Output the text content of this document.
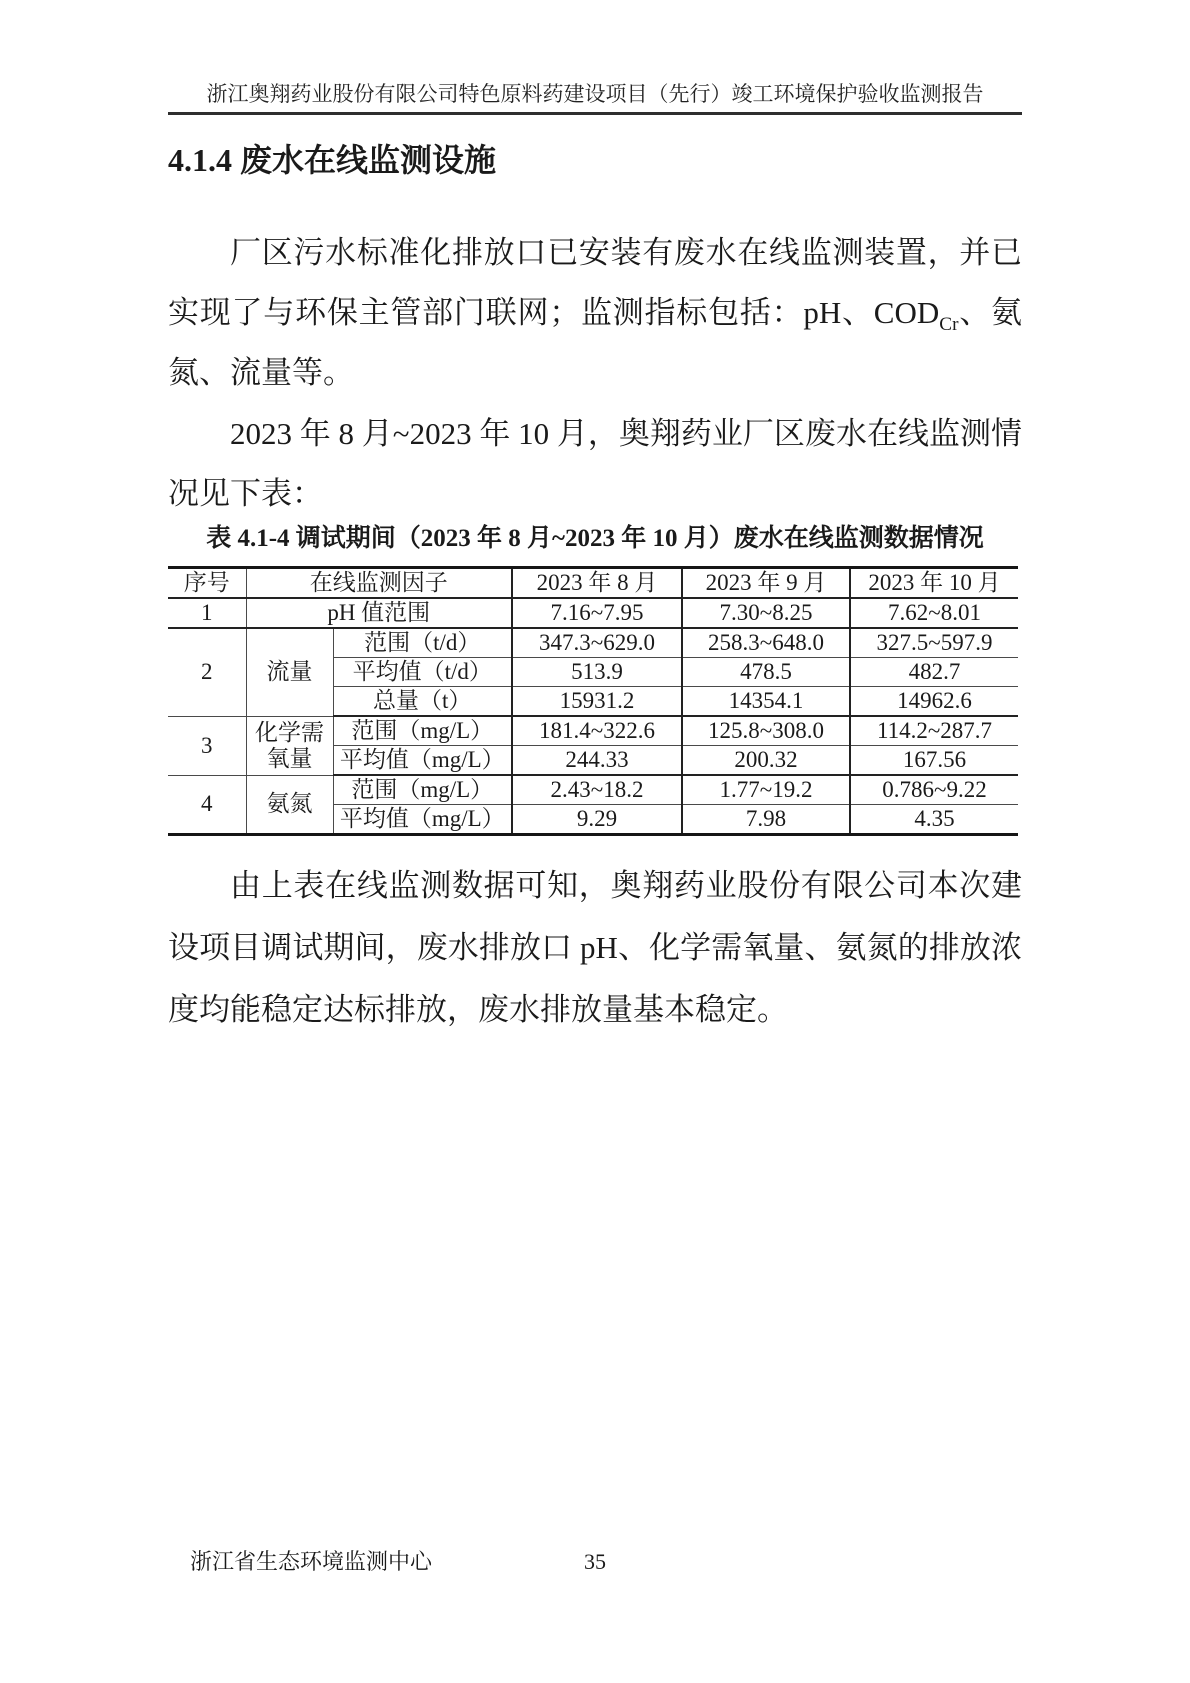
浙江奥翔药业股份有限公司特色原料药建设项目（先行）竣工环境保护验收监测报告
4.1.4 废水在线监测设施

厂区污水标准化排放口已安装有废水在线监测装置，并已实现了与环保主管部门联网；监测指标包括：pH、$COD_{Cr}$、氨氮、流量等。

2023 年 8 月~2023 年 10 月，奥翔药业厂区废水在线监测情况见下表：

表 4.1-4 调试期间（2023 年 8 月~2023 年 10 月）废水在线监测数据情况
序号	在线监测因子		2023 年 8 月	2023 年 9 月	2023 年 10 月
1	pH 值范围		7.16~7.95	7.30~8.25	7.62~8.01
2	流量	范围（t/d）	347.3~629.0	258.3~648.0	327.5~597.9
		平均值（t/d）	513.9	478.5	482.7
		总量（t）	15931.2	14354.1	14962.6
3	化学需氧量	范围（mg/L）	181.4~322.6	125.8~308.0	114.2~287.7
		平均值（mg/L）	244.33	200.32	167.56
4	氨氮	范围（mg/L）	2.43~18.2	1.77~19.2	0.786~9.22
		平均值（mg/L）	9.29	7.98	4.35

由上表在线监测数据可知，奥翔药业股份有限公司本次建设项目调试期间，废水排放口 pH、化学需氧量、氨氮的排放浓度均能稳定达标排放，废水排放量基本稳定。

35
浙江省生态环境监测中心
